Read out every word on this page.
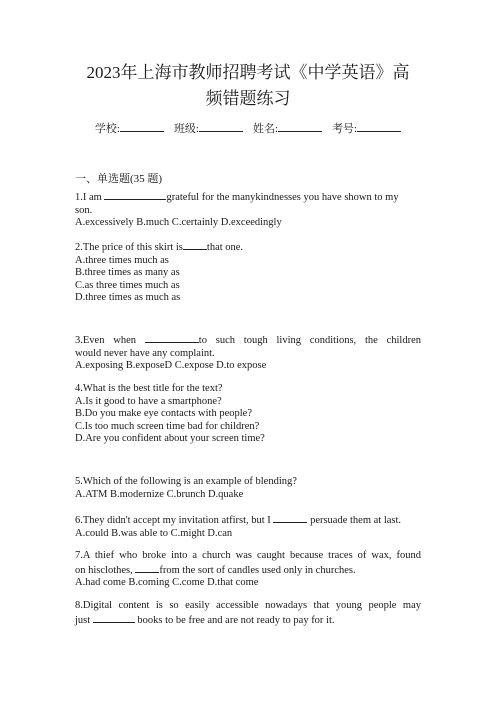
2023年上海市教师招聘考试《中学英语》高
频错题练习
学校:	班级:	姓名:	考号:
一、单选题(35 题)
1.I am	grateful for the manykindnesses you have shown to my
son.
A.excessively B.much C.certainly D.exceedingly
2.The price of this skirt is that one.
A.three times much as
B.three times as many as
C.as three times much as
D.three times as much as
3.Even when	to such tough living conditions, the children
would never have any complaint.
A.exposing B.exposeD C.expose D.to expose
4.What is the best title for the text?
A.Is it good to have a smartphone?
B.Do you make eye contacts with people?
C.Is too much screen time bad for children?
D.Are you confident about your screen time?
5.Which of the following is an example of blending?
A.ATM B.modernize C.brunch D.quake
6.They didn't accept my invitation atfirst, but I	persuade them at last.
A.could B.was able to C.might D.can
7.A thief who broke into a church was caught because traces of wax, found
on hisclothes, from the sort of candles used only in churches.
A.had come B.coming C.come D.that come
8.Digital content is so easily accessible nowadays that young people may
just	books to be free and are not ready to pay for it.
